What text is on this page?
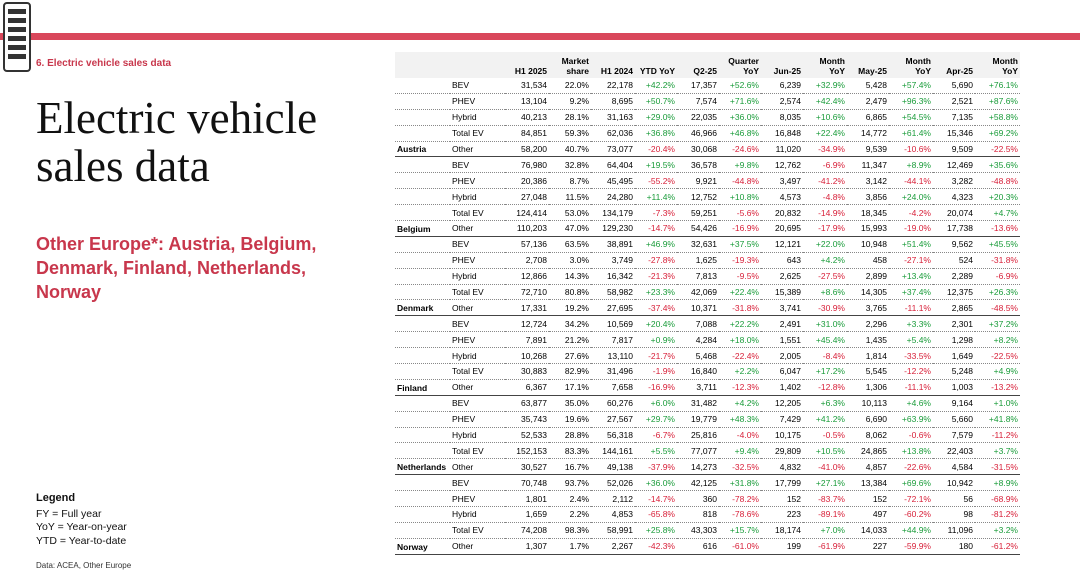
6. Electric vehicle sales data
Electric vehicle
sales data
Other Europe*: Austria, Belgium, Denmark, Finland, Netherlands, Norway
Legend
FY = Full year
YoY = Year-on-year
YTD = Year-to-date
Data: ACEA, Other Europe
		H1 2025	Market share	H1 2024	YTD YoY	Q2-25	Quarter YoY	Jun-25	Month YoY	May-25	Month YoY	Apr-25	Month YoY
	BEV	31,534	22.0%	22,178	+42.2%	17,357	+52.6%	6,239	+32.9%	5,428	+57.4%	5,690	+76.1%
	PHEV	13,104	9.2%	8,695	+50.7%	7,574	+71.6%	2,574	+42.4%	2,479	+96.3%	2,521	+87.6%
	Hybrid	40,213	28.1%	31,163	+29.0%	22,035	+36.0%	8,035	+10.6%	6,865	+54.5%	7,135	+58.8%
	Total EV	84,851	59.3%	62,036	+36.8%	46,966	+46.8%	16,848	+22.4%	14,772	+61.4%	15,346	+69.2%
Austria	Other	58,200	40.7%	73,077	-20.4%	30,068	-24.6%	11,020	-34.9%	9,539	-10.6%	9,509	-22.5%
	BEV	76,980	32.8%	64,404	+19.5%	36,578	+9.8%	12,762	-6.9%	11,347	+8.9%	12,469	+35.6%
	PHEV	20,386	8.7%	45,495	-55.2%	9,921	-44.8%	3,497	-41.2%	3,142	-44.1%	3,282	-48.8%
	Hybrid	27,048	11.5%	24,280	+11.4%	12,752	+10.8%	4,573	-4.8%	3,856	+24.0%	4,323	+20.3%
	Total EV	124,414	53.0%	134,179	-7.3%	59,251	-5.6%	20,832	-14.9%	18,345	-4.2%	20,074	+4.7%
Belgium	Other	110,203	47.0%	129,230	-14.7%	54,426	-16.9%	20,695	-17.9%	15,993	-19.0%	17,738	-13.6%
	BEV	57,136	63.5%	38,891	+46.9%	32,631	+37.5%	12,121	+22.0%	10,948	+51.4%	9,562	+45.5%
	PHEV	2,708	3.0%	3,749	-27.8%	1,625	-19.3%	643	+4.2%	458	-27.1%	524	-31.8%
	Hybrid	12,866	14.3%	16,342	-21.3%	7,813	-9.5%	2,625	-27.5%	2,899	+13.4%	2,289	-6.9%
	Total EV	72,710	80.8%	58,982	+23.3%	42,069	+22.4%	15,389	+8.6%	14,305	+37.4%	12,375	+26.3%
Denmark	Other	17,331	19.2%	27,695	-37.4%	10,371	-31.8%	3,741	-30.9%	3,765	-11.1%	2,865	-48.5%
	BEV	12,724	34.2%	10,569	+20.4%	7,088	+22.2%	2,491	+31.0%	2,296	+3.3%	2,301	+37.2%
	PHEV	7,891	21.2%	7,817	+0.9%	4,284	+18.0%	1,551	+45.4%	1,435	+5.4%	1,298	+8.2%
	Hybrid	10,268	27.6%	13,110	-21.7%	5,468	-22.4%	2,005	-8.4%	1,814	-33.5%	1,649	-22.5%
	Total EV	30,883	82.9%	31,496	-1.9%	16,840	+2.2%	6,047	+17.2%	5,545	-12.2%	5,248	+4.9%
Finland	Other	6,367	17.1%	7,658	-16.9%	3,711	-12.3%	1,402	-12.8%	1,306	-11.1%	1,003	-13.2%
	BEV	63,877	35.0%	60,276	+6.0%	31,482	+4.2%	12,205	+6.3%	10,113	+4.6%	9,164	+1.0%
	PHEV	35,743	19.6%	27,567	+29.7%	19,779	+48.3%	7,429	+41.2%	6,690	+63.9%	5,660	+41.8%
	Hybrid	52,533	28.8%	56,318	-6.7%	25,816	-4.0%	10,175	-0.5%	8,062	-0.6%	7,579	-11.2%
	Total EV	152,153	83.3%	144,161	+5.5%	77,077	+9.4%	29,809	+10.5%	24,865	+13.8%	22,403	+3.7%
Netherlands	Other	30,527	16.7%	49,138	-37.9%	14,273	-32.5%	4,832	-41.0%	4,857	-22.6%	4,584	-31.5%
	BEV	70,748	93.7%	52,026	+36.0%	42,125	+31.8%	17,799	+27.1%	13,384	+69.6%	10,942	+8.9%
	PHEV	1,801	2.4%	2,112	-14.7%	360	-78.2%	152	-83.7%	152	-72.1%	56	-68.9%
	Hybrid	1,659	2.2%	4,853	-65.8%	818	-78.6%	223	-89.1%	497	-60.2%	98	-81.2%
	Total EV	74,208	98.3%	58,991	+25.8%	43,303	+15.7%	18,174	+7.0%	14,033	+44.9%	11,096	+3.2%
Norway	Other	1,307	1.7%	2,267	-42.3%	616	-61.0%	199	-61.9%	227	-59.9%	180	-61.2%
